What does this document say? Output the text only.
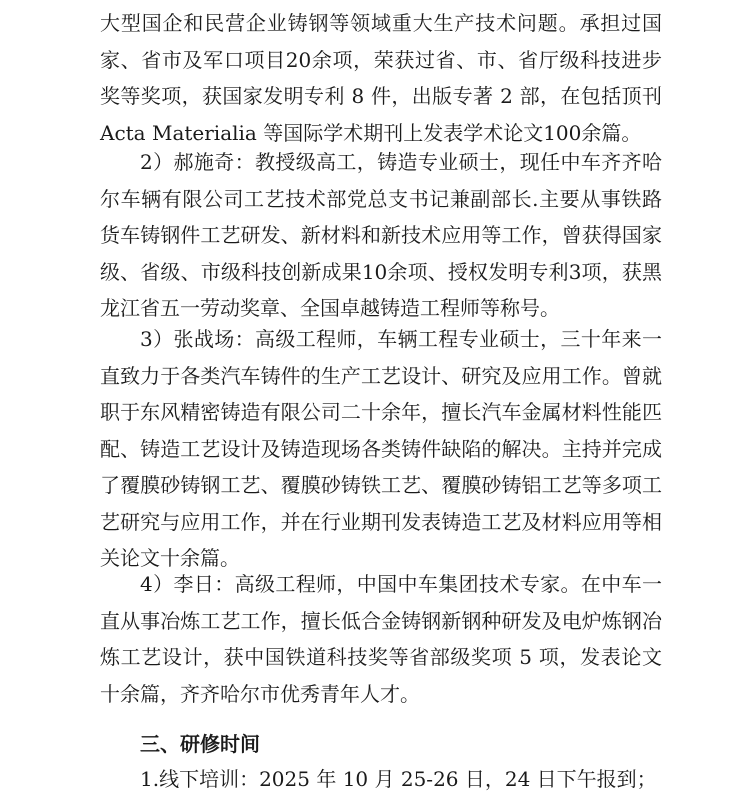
大型国企和民营企业铸钢等领域重大生产技术问题。承担过国家、省市及军口项目20余项，荣获过省、市、省厅级科技进步奖等奖项，获国家发明专利 8 件，出版专著 2 部，在包括顶刊 Acta Materialia 等国际学术期刊上发表学术论文100余篇。

2）郝施奇：教授级高工，铸造专业硕士，现任中车齐齐哈尔车辆有限公司工艺技术部党总支书记兼副部长.主要从事铁路货车铸钢件工艺研发、新材料和新技术应用等工作，曾获得国家级、省级、市级科技创新成果10余项、授权发明专利3项，获黑龙江省五一劳动奖章、全国卓越铸造工程师等称号。

3）张战场：高级工程师，车辆工程专业硕士，三十年来一直致力于各类汽车铸件的生产工艺设计、研究及应用工作。曾就职于东风精密铸造有限公司二十余年，擅长汽车金属材料性能匹配、铸造工艺设计及铸造现场各类铸件缺陷的解决。主持并完成了覆膜砂铸钢工艺、覆膜砂铸铁工艺、覆膜砂铸铝工艺等多项工艺研究与应用工作，并在行业期刊发表铸造工艺及材料应用等相关论文十余篇。

4）李日：高级工程师，中国中车集团技术专家。在中车一直从事冶炼工艺工作，擅长低合金铸钢新钢种研发及电炉炼钢冶炼工艺设计，获中国铁道科技奖等省部级奖项 5 项，发表论文十余篇，齐齐哈尔市优秀青年人才。

三、研修时间

1.线下培训：2025 年 10 月 25-26 日，24 日下午报到；
